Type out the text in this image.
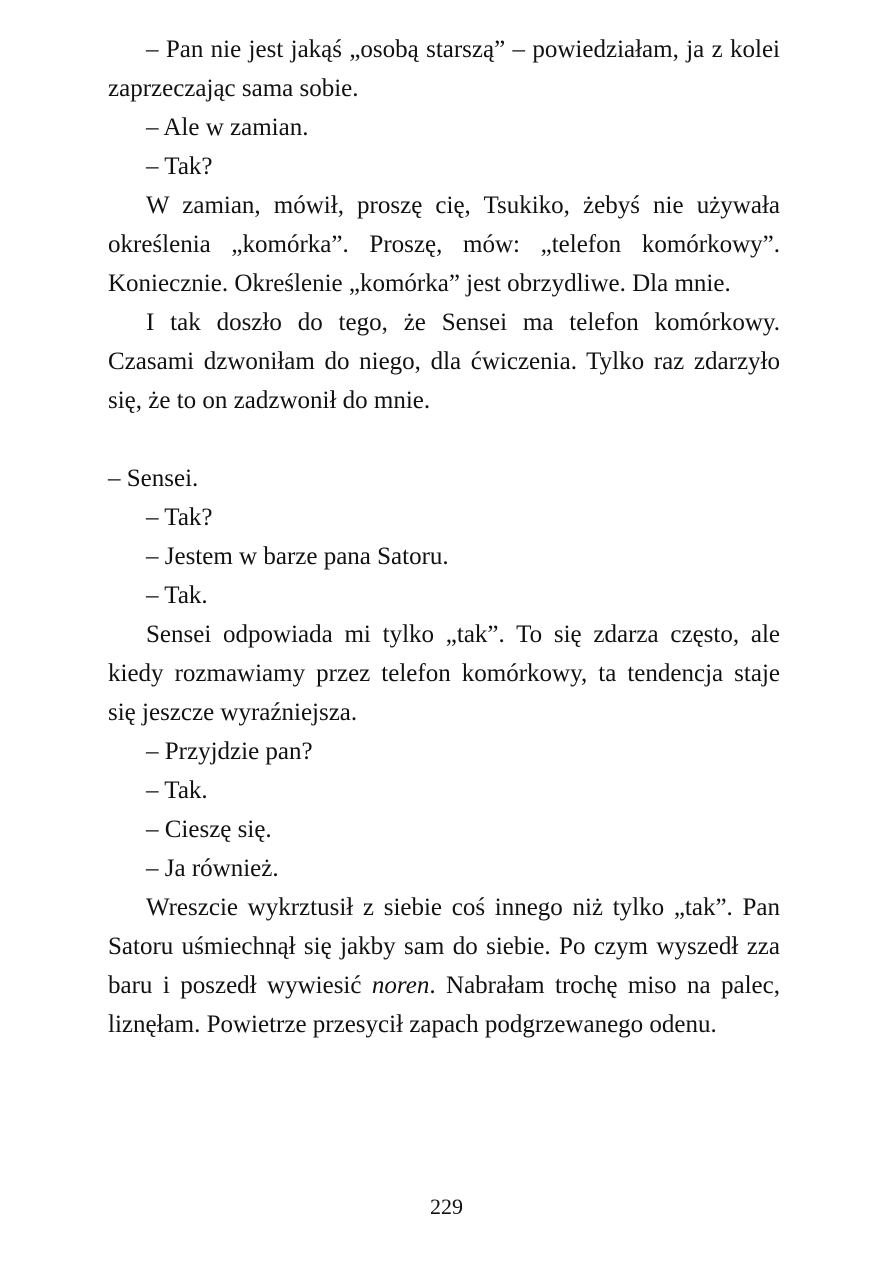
– Pan nie jest jakąś „osobą starszą” – powiedziałam, ja z kolei zaprzeczając sama sobie.

– Ale w zamian.

– Tak?

W zamian, mówił, proszę cię, Tsukiko, żebyś nie używała określenia „komórka”. Proszę, mów: „telefon komórkowy”. Koniecznie. Określenie „komórka” jest obrzydliwe. Dla mnie.

I tak doszło do tego, że Sensei ma telefon komórkowy. Czasami dzwoniłam do niego, dla ćwiczenia. Tylko raz zdarzyło się, że to on zadzwonił do mnie.

– Sensei.

– Tak?

– Jestem w barze pana Satoru.

– Tak.

Sensei odpowiada mi tylko „tak”. To się zdarza często, ale kiedy rozmawiamy przez telefon komórkowy, ta tendencja staje się jeszcze wyraźniejsza.

– Przyjdzie pan?

– Tak.

– Cieszę się.

– Ja również.

Wreszcie wykrztusił z siebie coś innego niż tylko „tak”. Pan Satoru uśmiechnął się jakby sam do siebie. Po czym wyszedł zza baru i poszedł wywiesić noren. Nabrałam trochę miso na palec, liznęłam. Powietrze przesycił zapach podgrzewanego odenu.

229
